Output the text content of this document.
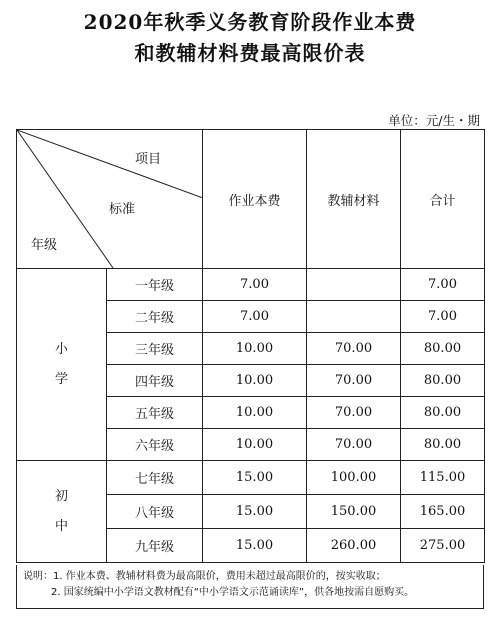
2020年秋季义务教育阶段作业本费
和教辅材料费最高限价表
单位：元/生・期
项目
标准
年级		作业本费	教辅材料	合计

小
学	一年级	7.00		7.00
	二年级	7.00		7.00
	三年级	10.00	70.00	80.00
	四年级	10.00	70.00	80.00
	五年级	10.00	70.00	80.00
	六年级	10.00	70.00	80.00

初
中	七年级	15.00	100.00	115.00
	八年级	15.00	150.00	165.00
	九年级	15.00	260.00	275.00
说明：1. 作业本费、教辅材料费为最高限价，费用未超过最高限价的，按实收取；
2. 国家统编中小学语文教材配有“中小学语文示范诵读库”，供各地按需自愿购买。
